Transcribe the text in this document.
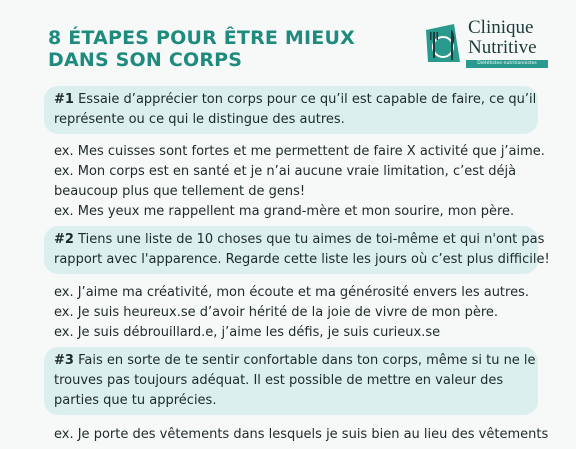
8 ÉTAPES POUR ÊTRE MIEUX
DANS SON CORPS
Clinique
Nutritive
Diététistes-nutritionnistes
#1 Essaie d’apprécier ton corps pour ce qu’il est capable de faire, ce qu’il
représente ou ce qui le distingue des autres.
ex. Mes cuisses sont fortes et me permettent de faire X activité que j’aime.
ex. Mon corps est en santé et je n’ai aucune vraie limitation, c’est déjà
beaucoup plus que tellement de gens!
ex. Mes yeux me rappellent ma grand-mère et mon sourire, mon père.
#2 Tiens une liste de 10 choses que tu aimes de toi-même et qui n'ont pas
rapport avec l'apparence. Regarde cette liste les jours où c’est plus difficile!
ex. J’aime ma créativité, mon écoute et ma générosité envers les autres.
ex. Je suis heureux.se d’avoir hérité de la joie de vivre de mon père.
ex. Je suis débrouillard.e, j’aime les défis, je suis curieux.se
#3 Fais en sorte de te sentir confortable dans ton corps, même si tu ne le
trouves pas toujours adéquat. Il est possible de mettre en valeur des
parties que tu apprécies.
ex. Je porte des vêtements dans lesquels je suis bien au lieu des vêtements
